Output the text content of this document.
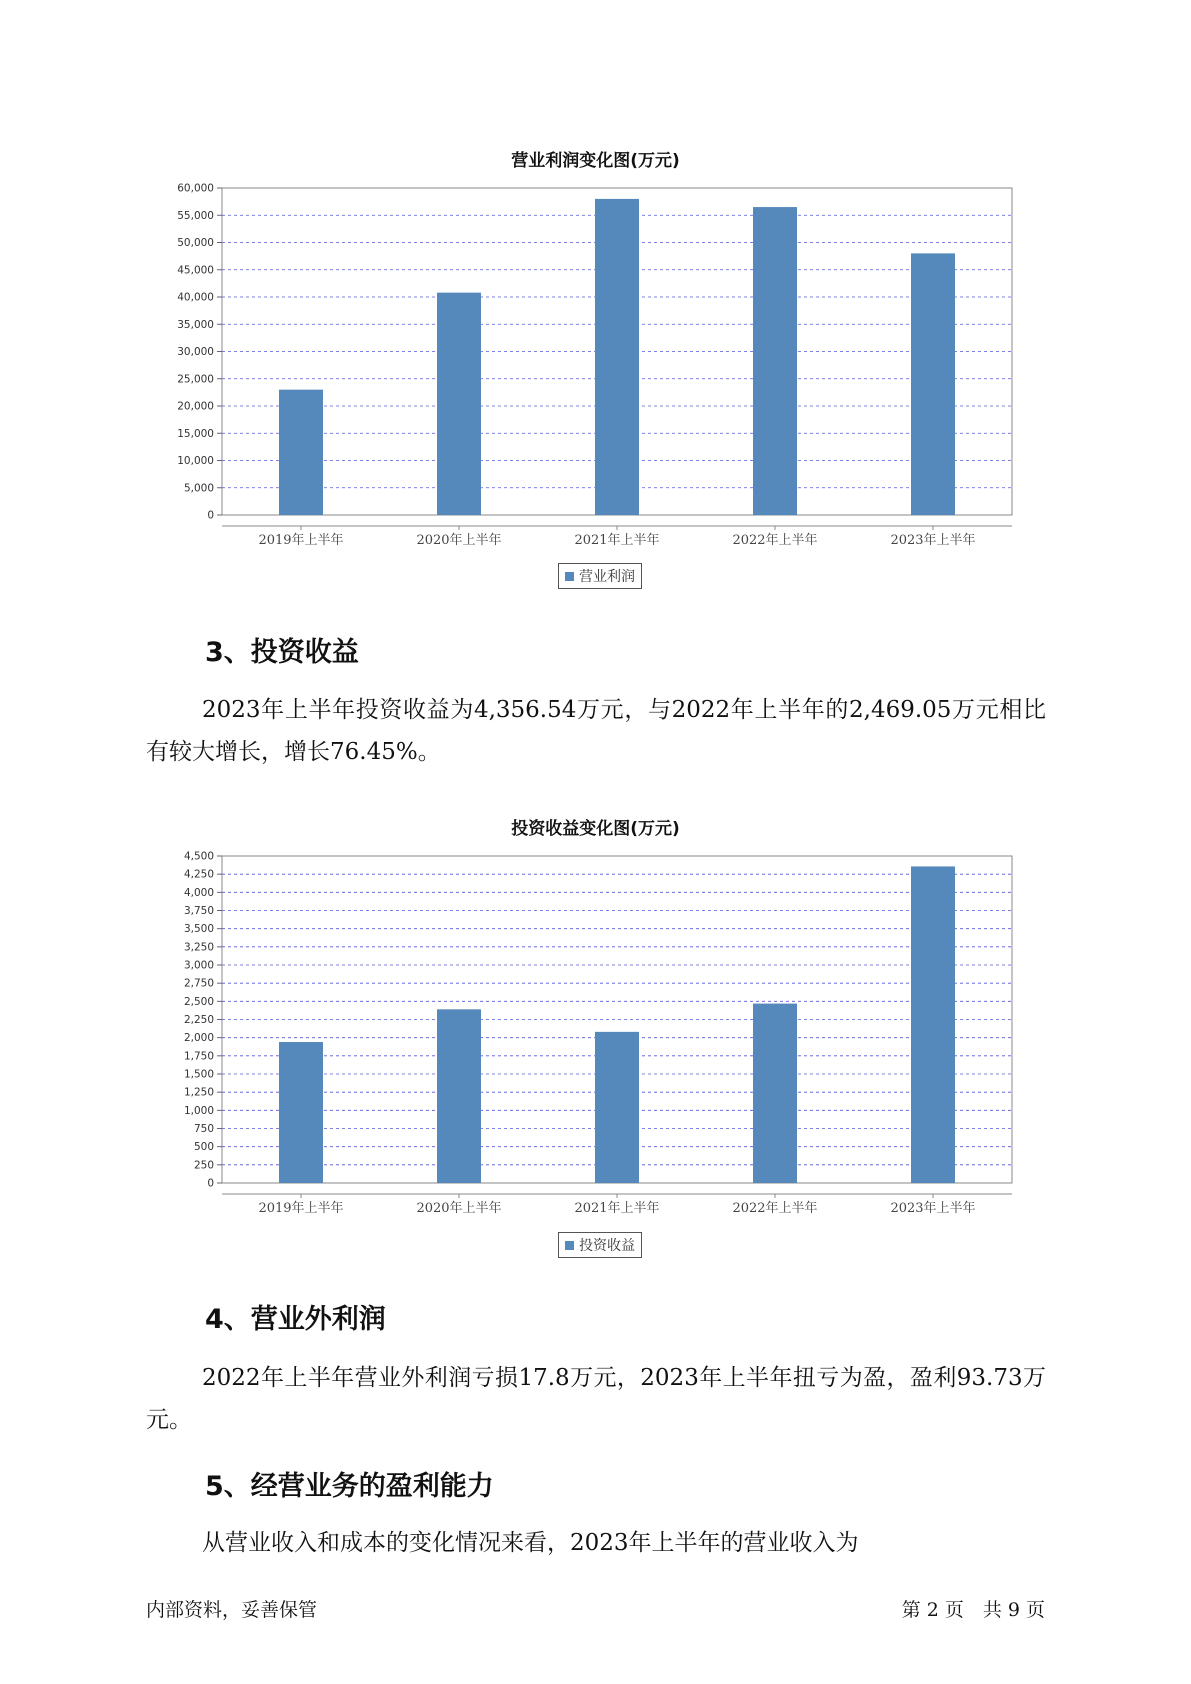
营业利润变化图(万元)
0
5,000
10,000
15,000
20,000
25,000
30,000
35,000
40,000
45,000
50,000
55,000
60,000
2019年上半年	2020年上半年	2021年上半年	2022年上半年	2023年上半年
营业利润
3、投资收益

2023年上半年投资收益为4,356.54万元，与2022年上半年的2,469.05万元相比有较大增长，增长76.45%。

投资收益变化图(万元)
0
250
500
750
1,000
1,250
1,500
1,750
2,000
2,250
2,500
2,750
3,000
3,250
3,500
3,750
4,000
4,250
4,500
2019年上半年	2020年上半年	2021年上半年	2022年上半年	2023年上半年
投资收益
4、营业外利润

2022年上半年营业外利润亏损17.8万元，2023年上半年扭亏为盈，盈利93.73万元。

5、经营业务的盈利能力

从营业收入和成本的变化情况来看，2023年上半年的营业收入为

内部资料，妥善保管	第 2 页　共 9 页
